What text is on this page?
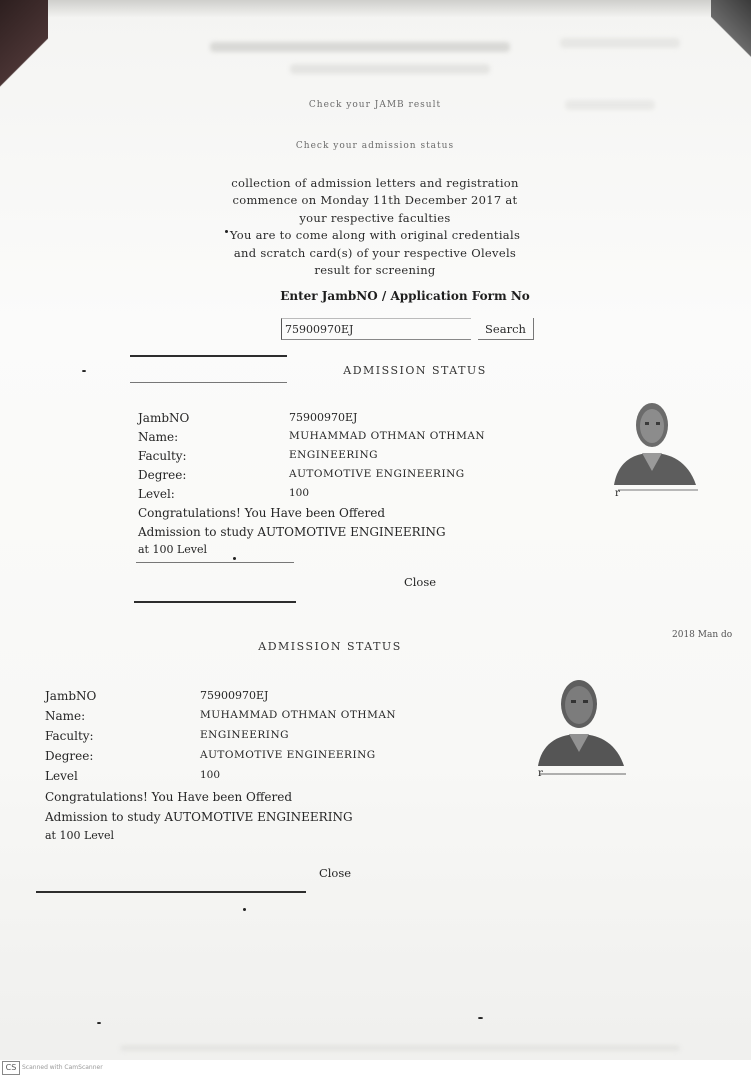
Check your JAMB result
Check your admission status
collection of admission letters and registration
commence on Monday 11th December 2017 at
your respective faculties
You are to come along with original credentials
and scratch card(s) of your respective Olevels
result for screening
Enter JambNO / Application Form No
75900970EJ	Search
ADMISSION STATUS
JambNO	75900970EJ
Name:	MUHAMMAD OTHMAN OTHMAN
Faculty:	ENGINEERING
Degree:	AUTOMOTIVE ENGINEERING
Level:	100
Congratulations! You Have been Offered
Admission to study AUTOMOTIVE ENGINEERING
at 100 Level
r
Close
ADMISSION STATUS
2018 Man do
JambNO	75900970EJ
Name:	MUHAMMAD OTHMAN OTHMAN
Faculty:	ENGINEERING
Degree:	AUTOMOTIVE ENGINEERING
Level	100
Congratulations! You Have been Offered
Admission to study AUTOMOTIVE ENGINEERING
at 100 Level
r
Close
CS Scanned with CamScanner
